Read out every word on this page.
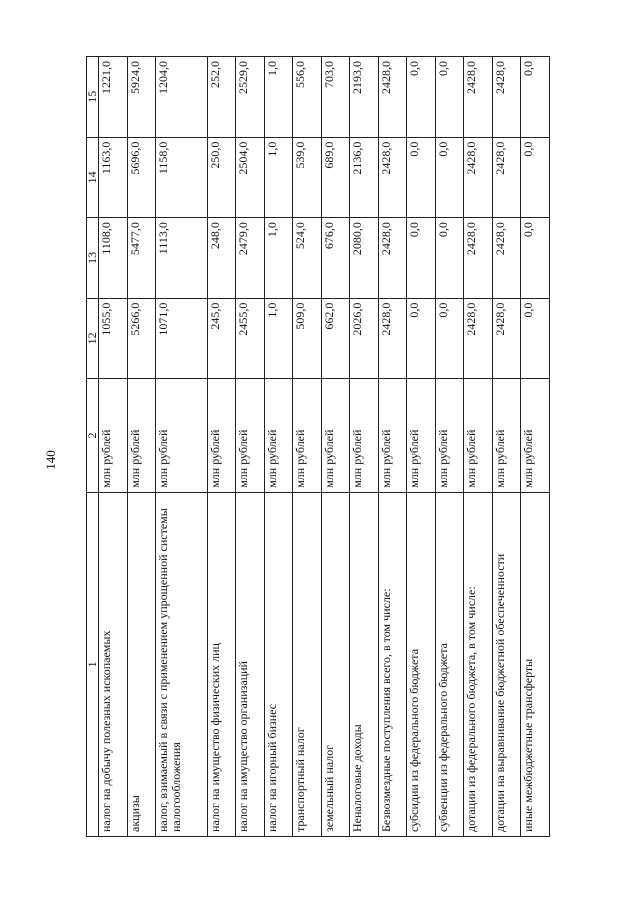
140
1	2	12	13	14	15
налог на добычу полезных ископаемых	млн рублей	1055,0	1108,0	1163,0	1221,0
акцизы	млн рублей	5266,0	5477,0	5696,0	5924,0
налог, взимаемый в связи с применением упрощенной системы налогообложения	млн рублей	1071,0	1113,0	1158,0	1204,0
налог на имущество физических лиц	млн рублей	245,0	248,0	250,0	252,0
налог на имущество организаций	млн рублей	2455,0	2479,0	2504,0	2529,0
налог на игорный бизнес	млн рублей	1,0	1,0	1,0	1,0
транспортный налог	млн рублей	509,0	524,0	539,0	556,0
земельный налог	млн рублей	662,0	676,0	689,0	703,0
Неналоговые доходы	млн рублей	2026,0	2080,0	2136,0	2193,0
Безвозмездные поступления всего, в том числе:	млн рублей	2428,0	2428,0	2428,0	2428,0
субсидии из федерального бюджета	млн рублей	0,0	0,0	0,0	0,0
субвенции из федерального бюджета	млн рублей	0,0	0,0	0,0	0,0
дотации из федерального бюджета, в том числе:	млн рублей	2428,0	2428,0	2428,0	2428,0
дотации на выравнивание бюджетной обеспеченности	млн рублей	2428,0	2428,0	2428,0	2428,0
иные межбюджетные трансферты	млн рублей	0,0	0,0	0,0	0,0
